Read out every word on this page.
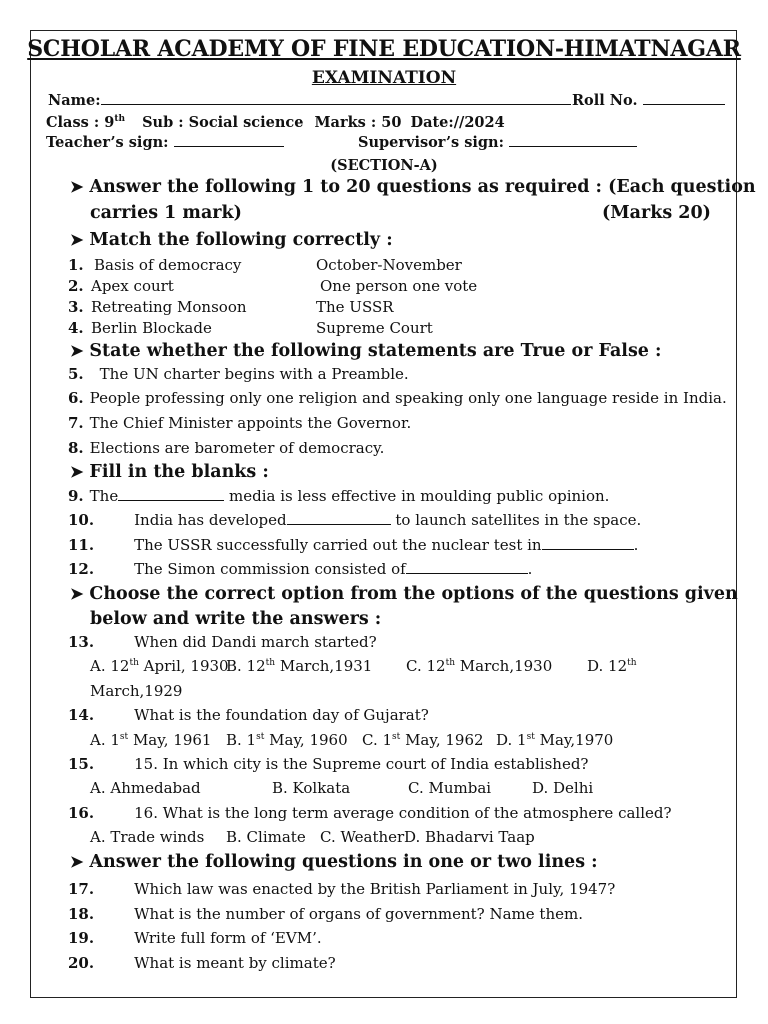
SCHOLAR ACADEMY OF FINE EDUCATION-HIMATNAGAR
EXAMINATION
Name:	Roll No.
Class : 9th Sub : Social science Marks : 50 Date://2024
Teacher’s sign:	Supervisor’s sign:
(SECTION-A)
➤ Answer the following 1 to 20 questions as required : (Each question
carries 1 mark)	(Marks 20)
➤ Match the following correctly :
1. Basis of democracy	October-November
2. Apex court	One person one vote
3. Retreating Monsoon	The USSR
4. Berlin Blockade	Supreme Court
➤ State whether the following statements are True or False :
5. The UN charter begins with a Preamble.
6. People professing only one religion and speaking only one language reside in India.
7. The Chief Minister appoints the Governor.
8. Elections are barometer of democracy.
➤ Fill in the blanks :
9. The	media is less effective in moulding public opinion.
10.	India has developed	to launch satellites in the space.
11.	The USSR successfully carried out the nuclear test in	.
12.	The Simon commission consisted of	.
➤ Choose the correct option from the options of the questions given
below and write the answers :
13.	When did Dandi march started?
A. 12th April, 1930
B. 12th March,1931 C. 12th March,1930 D. 12th
March,1929
14.	What is the foundation day of Gujarat?
A. 1st May, 1961 B. 1st May, 1960 C. 1st May, 1962 D. 1st May,1970
15.	15. In which city is the Supreme court of India established?
A. Ahmedabad	B. Kolkata	C. Mumbai	D. Delhi
16.	16. What is the long term average condition of the atmosphere called?
A. Trade winds B. Climate C. Weather D. Bhadarvi Taap
➤ Answer the following questions in one or two lines :
17.	Which law was enacted by the British Parliament in July, 1947?
18.	What is the number of organs of government? Name them.
19.	Write full form of ‘EVM’.
20.	What is meant by climate?
